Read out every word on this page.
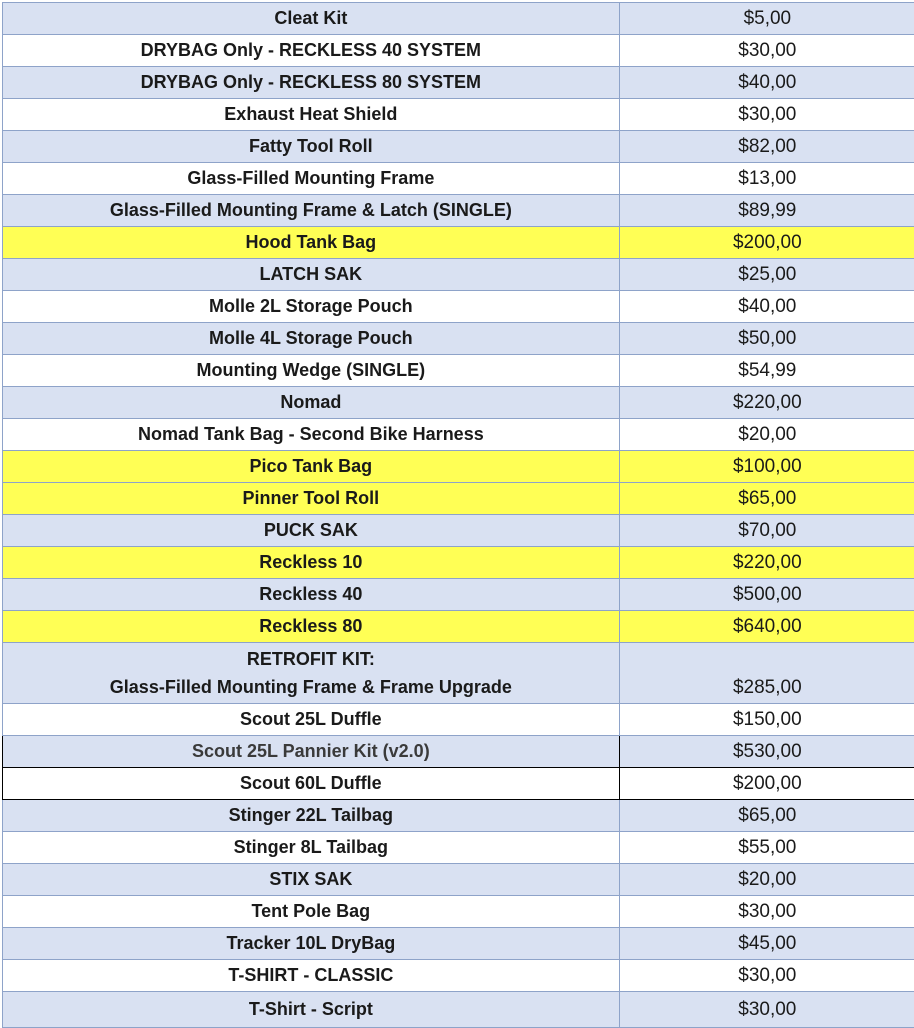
Cleat Kit	$5,00
DRYBAG Only - RECKLESS 40 SYSTEM	$30,00
DRYBAG Only - RECKLESS 80 SYSTEM	$40,00
Exhaust Heat Shield	$30,00
Fatty Tool Roll	$82,00
Glass-Filled Mounting Frame	$13,00
Glass-Filled Mounting Frame & Latch (SINGLE)	$89,99
Hood Tank Bag	$200,00
LATCH SAK	$25,00
Molle 2L Storage Pouch	$40,00
Molle 4L Storage Pouch	$50,00
Mounting Wedge (SINGLE)	$54,99
Nomad	$220,00
Nomad Tank Bag - Second Bike Harness	$20,00
Pico Tank Bag	$100,00
Pinner Tool Roll	$65,00
PUCK SAK	$70,00
Reckless 10	$220,00
Reckless 40	$500,00
Reckless 80	$640,00

RETROFIT KIT:
Glass-Filled Mounting Frame & Frame Upgrade	$285,00
Scout 25L Duffle	$150,00
Scout 25L Pannier Kit (v2.0)	$530,00
Scout 60L Duffle	$200,00
Stinger 22L Tailbag	$65,00
Stinger 8L Tailbag	$55,00
STIX SAK	$20,00
Tent Pole Bag	$30,00
Tracker 10L DryBag	$45,00
T-SHIRT - CLASSIC	$30,00
T-Shirt - Script	$30,00
